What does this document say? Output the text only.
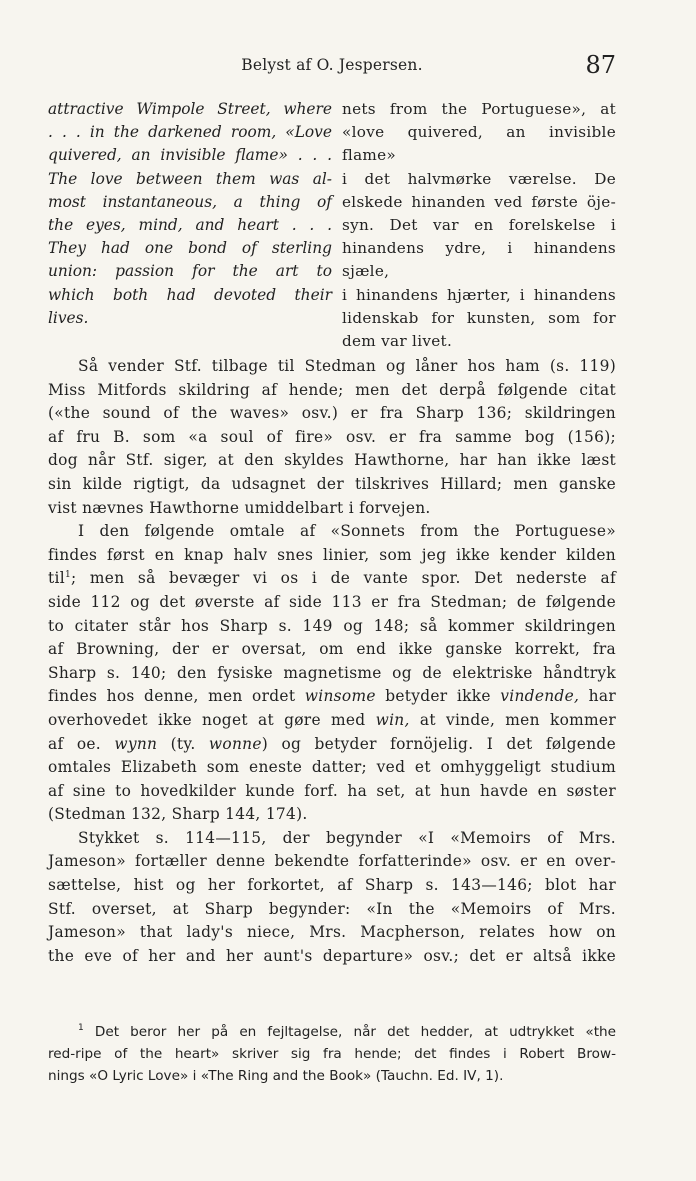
Belyst af O. Jespersen.	87
attractive Wimpole Street, where
. . . in the darkened room, «Love
quivered, an invisible flame» . . .
The love between them was al-
most instantaneous, a thing of
the eyes, mind, and heart . . .
They had one bond of sterling
union: passion for the art to
which both had devoted their
lives.
nets from the Portuguese», at
«love quivered, an invisible flame»
i det halvmørke værelse. De
elskede hinanden ved første öje-
syn. Det var en forelskelse i
hinandens ydre, i hinandens sjæle,
i hinandens hjærter, i hinandens
lidenskab for kunsten, som for
dem var livet.
Så vender Stf. tilbage til Stedman og låner hos ham (s. 119)
Miss Mitfords skildring af hende; men det derpå følgende citat
(«the sound of the waves» osv.) er fra Sharp 136; skildringen
af fru B. som «a soul of fire» osv. er fra samme bog (156);
dog når Stf. siger, at den skyldes Hawthorne, har han ikke læst
sin kilde rigtigt, da udsagnet der tilskrives Hillard; men ganske
vist nævnes Hawthorne umiddelbart i forvejen.
I den følgende omtale af «Sonnets from the Portuguese»
findes først en knap halv snes linier, som jeg ikke kender kilden
til$^1$; men så bevæger vi os i de vante spor. Det nederste af
side 112 og det øverste af side 113 er fra Stedman; de følgende
to citater står hos Sharp s. 149 og 148; så kommer skildringen
af Browning, der er oversat, om end ikke ganske korrekt, fra
Sharp s. 140; den fysiske magnetisme og de elektriske håndtryk
findes hos denne, men ordet winsome betyder ikke vindende, har
overhovedet ikke noget at gøre med win, at vinde, men kommer
af oe. wynn (ty. wonne) og betyder fornöjelig. I det følgende
omtales Elizabeth som eneste datter; ved et omhyggeligt studium
af sine to hovedkilder kunde forf. ha set, at hun havde en søster
(Stedman 132, Sharp 144, 174).
Stykket s. 114—115, der begynder «I «Memoirs of Mrs.
Jameson» fortæller denne bekendte forfatterinde» osv. er en over-
sættelse, hist og her forkortet, af Sharp s. 143—146; blot har
Stf. overset, at Sharp begynder: «In the «Memoirs of Mrs.
Jameson» that lady's niece, Mrs. Macpherson, relates how on
the eve of her and her aunt's departure» osv.; det er altså ikke
$^1$ Det beror her på en fejltagelse, når det hedder, at udtrykket «the
red-ripe of the heart» skriver sig fra hende; det findes i Robert Brow-
nings «O Lyric Love» i «The Ring and the Book» (Tauchn. Ed. IV, 1).
